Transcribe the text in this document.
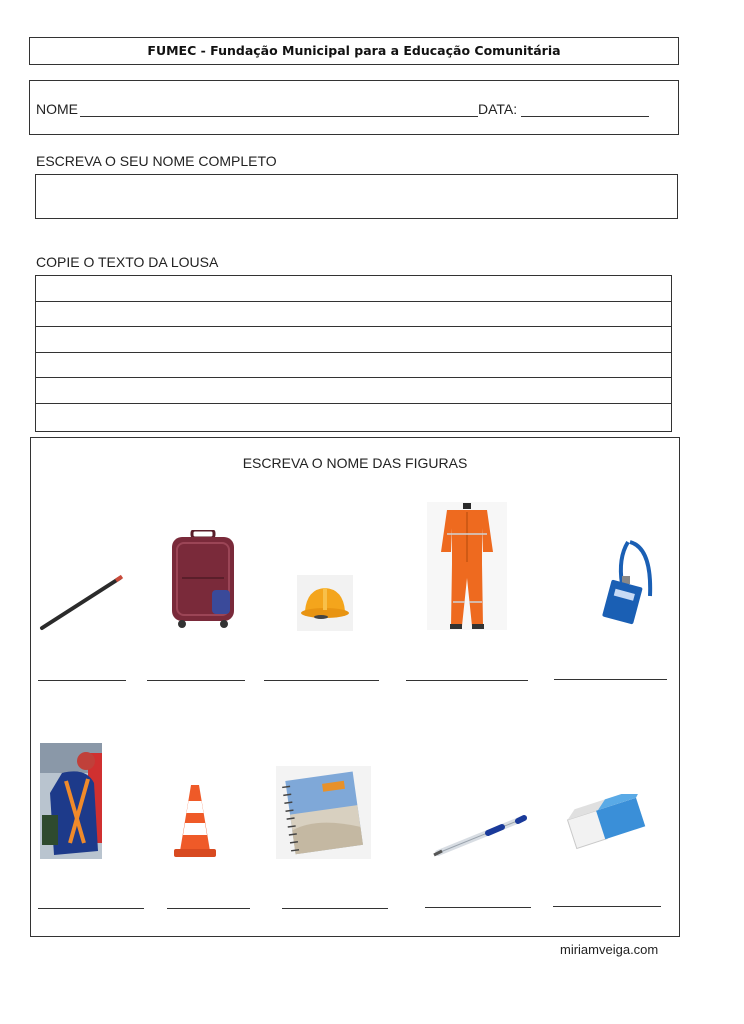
FUMEC - Fundação Municipal para a Educação Comunitária
NOME	DATA:
ESCREVA O SEU NOME COMPLETO
COPIE O TEXTO DA LOUSA
ESCREVA O NOME DAS FIGURAS
miriamveiga.com
